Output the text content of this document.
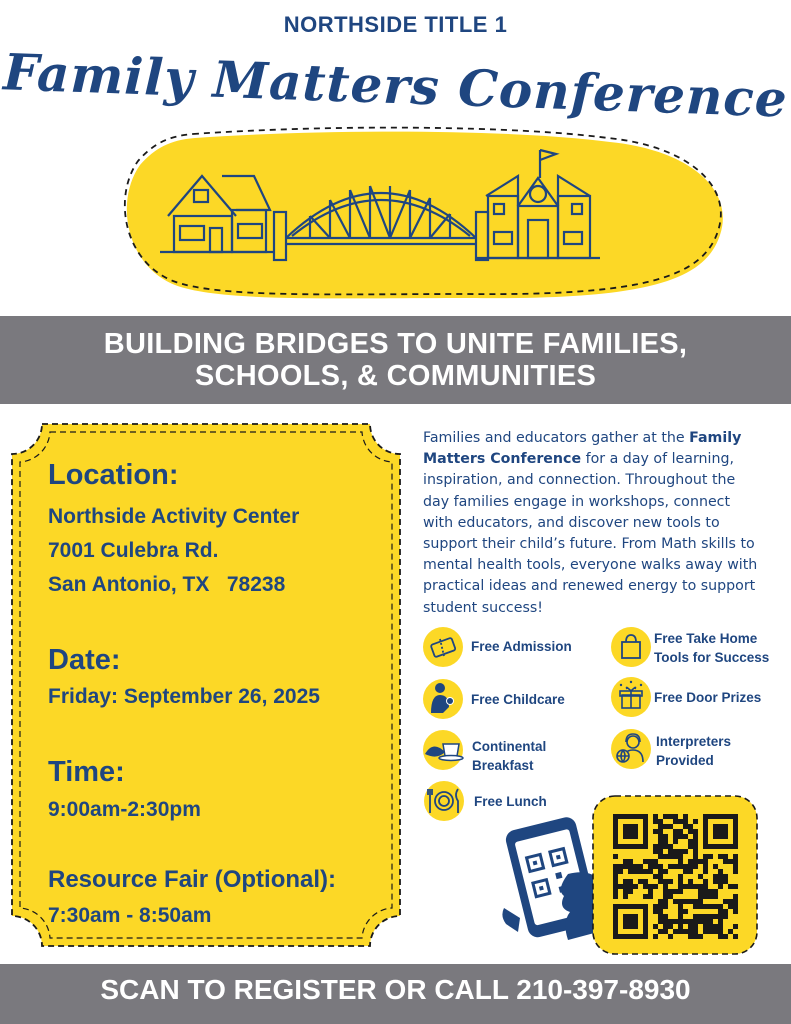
NORTHSIDE TITLE 1
Family Matters Conference
BUILDING BRIDGES TO UNITE FAMILIES,
SCHOOLS, & COMMUNITIES
Location:
Northside Activity Center
7001 Culebra Rd.
San Antonio, TX   78238
Date:
Friday: September 26, 2025
Time:
9:00am-2:30pm
Resource Fair (Optional):
7:30am - 8:50am
Families and educators gather at the Family Matters Conference for a day of learning, inspiration, and connection. Throughout the day families engage in workshops, connect with educators, and discover new tools to support their child’s future. From Math skills to mental health tools, everyone walks away with practical ideas and renewed energy to support student success!
Free Admission
Free Take Home Tools for Success
Free Childcare	Free Door Prizes
Continental Breakfast
Interpreters Provided
Free Lunch
SCAN TO REGISTER OR CALL 210-397-8930
